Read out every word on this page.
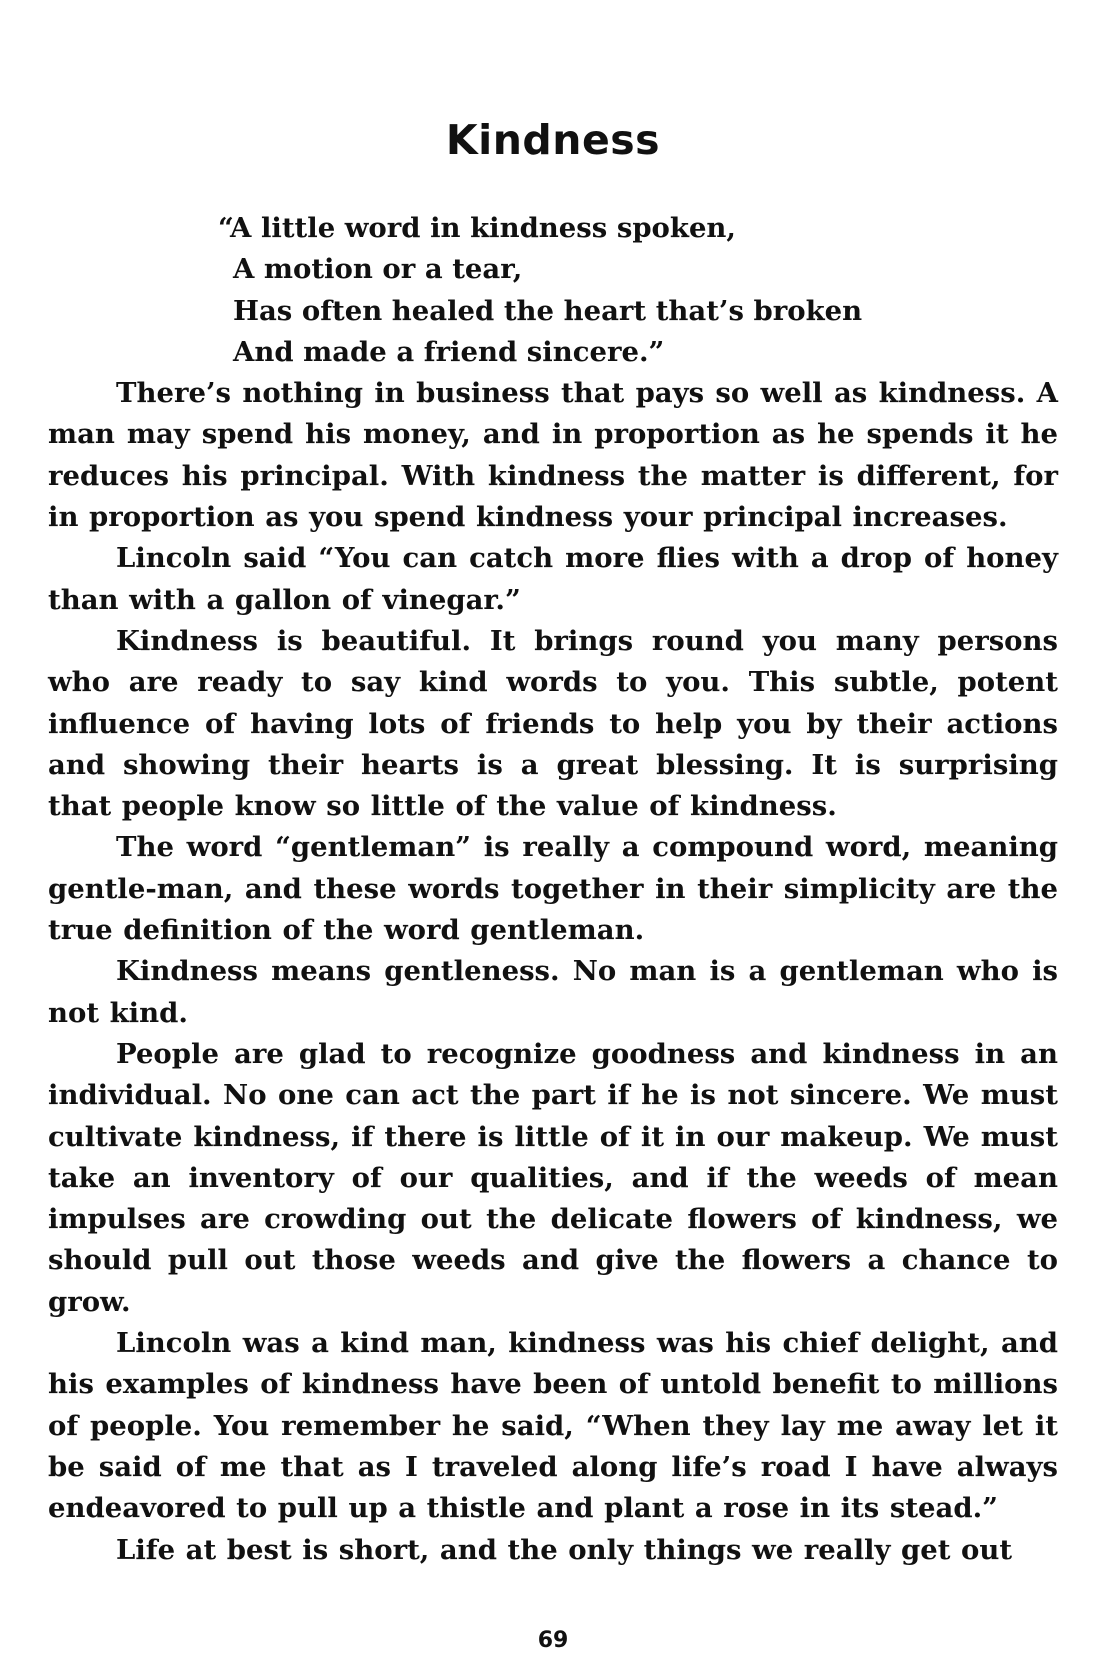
Kindness
“A little word in kindness spoken,
A motion or a tear,
Has often healed the heart that’s broken
And made a friend sincere.”

There’s nothing in business that pays so well as kindness. A man may spend his money, and in proportion as he spends it he reduces his principal. With kindness the matter is different, for in proportion as you spend kindness your principal increases.

Lincoln said “You can catch more flies with a drop of honey than with a gallon of vinegar.”

Kindness is beautiful. It brings round you many persons who are ready to say kind words to you. This subtle, potent influence of having lots of friends to help you by their actions and showing their hearts is a great blessing. It is surprising that people know so little of the value of kindness.

The word “gentleman” is really a compound word, meaning gentle-man, and these words together in their simplicity are the true definition of the word gentleman.

Kindness means gentleness. No man is a gentleman who is not kind.

People are glad to recognize goodness and kindness in an individual. No one can act the part if he is not sincere. We must cultivate kindness, if there is little of it in our makeup. We must take an inventory of our qualities, and if the weeds of mean impulses are crowding out the delicate flowers of kindness, we should pull out those weeds and give the flowers a chance to grow.

Lincoln was a kind man, kindness was his chief delight, and his examples of kindness have been of untold benefit to millions of people. You remember he said, “When they lay me away let it be said of me that as I traveled along life’s road I have always endeavored to pull up a thistle and plant a rose in its stead.”

Life at best is short, and the only things we really get out

69
